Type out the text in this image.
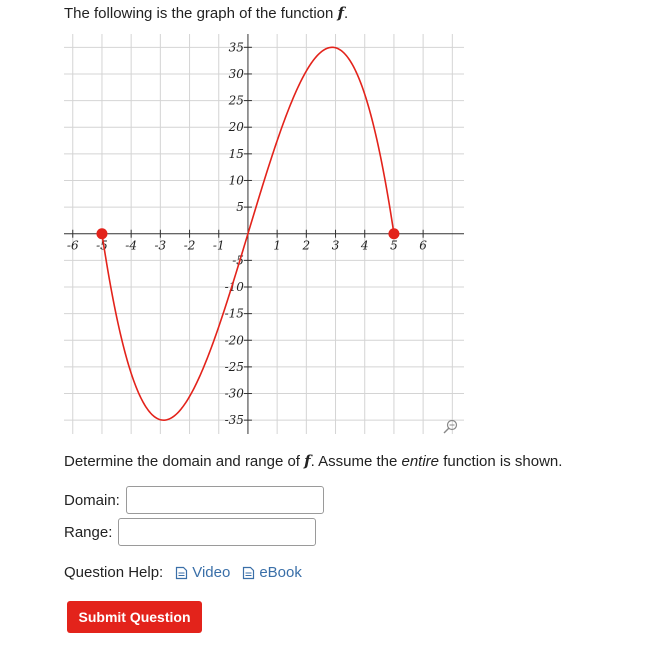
The following is the graph of the function f.
-6 -5 -4 -3 -2 -1	1 2 3 4 5 6
35
30
25
20
15
10
5
-5
-10
-15
-20
-25
-30
-35
Determine the domain and range of f. Assume the entire function is shown.
Domain:
Range:
Question Help: Video eBook
Submit Question
